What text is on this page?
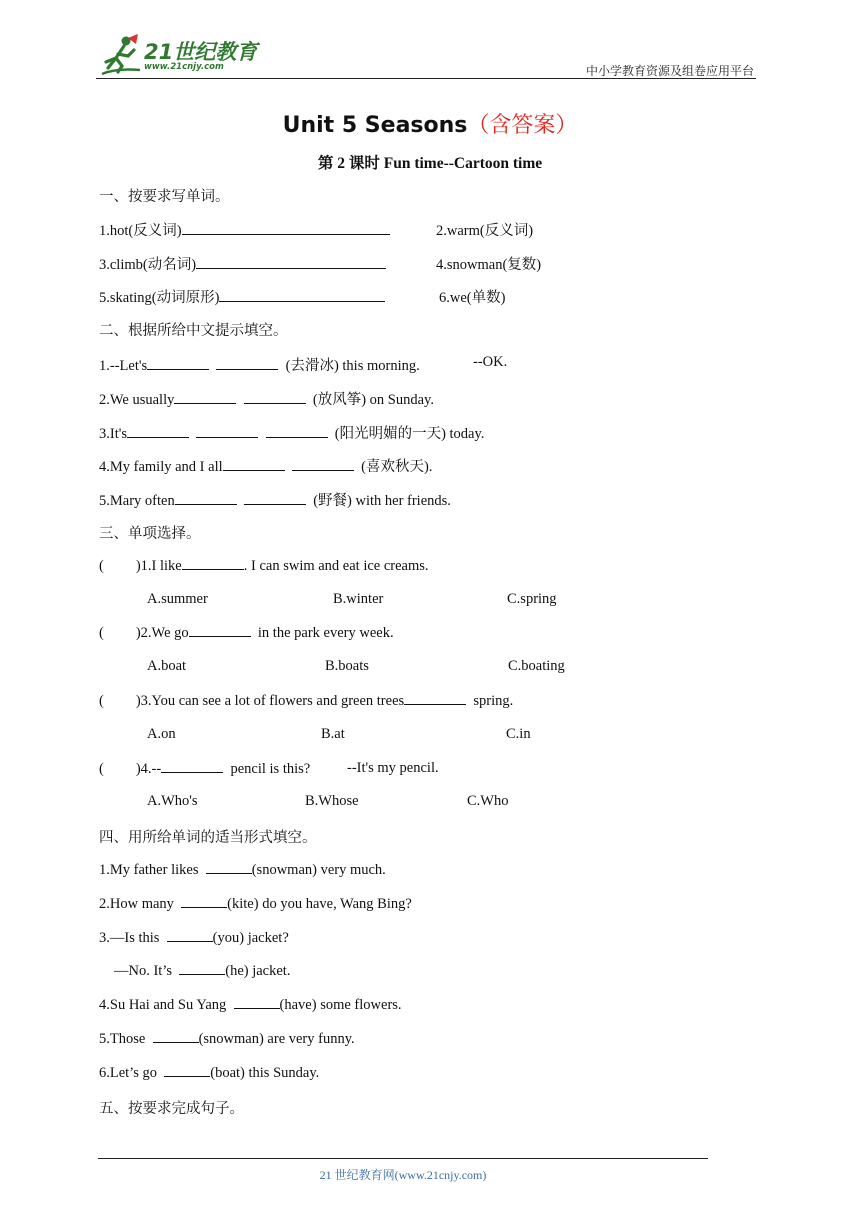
21世纪教育
www.21cnjy.com	中小学教育资源及组卷应用平台
Unit 5 Seasons（含答案）
第 2 课时 Fun time--Cartoon time
一、按要求写单词。
1.hot(反义词)	2.warm(反义词)
3.climb(动名词)	4.snowman(复数)
5.skating(动词原形)	6.we(单数)
二、根据所给中文提示填空。
1.--Let's	(去滑冰) this morning.	--OK.
2.We usually	(放风筝) on Sunday.
3.It's	(阳光明媚的一天) today.
4.My family and I all	(喜欢秋天).
5.Mary often	(野餐) with her friends.
三、单项选择。
( )1.I like	. I can swim and eat ice creams.
A.summer	B.winter	C.spring
( )2.We go	in the park every week.
A.boat	B.boats	C.boating
( )3.You can see a lot of flowers and green trees	spring.
A.on	B.at	C.in
( )4.--	pencil is this?	--It's my pencil.
A.Who's	B.Whose	C.Who
四、用所给单词的适当形式填空。
1.My father likes	(snowman) very much.
2.How many	(kite) do you have, Wang Bing?
3.—Is this	(you) jacket?
—No. It’s	(he) jacket.
4.Su Hai and Su Yang	(have) some flowers.
5.Those	(snowman) are very funny.
6.Let’s go	(boat) this Sunday.
五、按要求完成句子。
21 世纪教育网(www.21cnjy.com)
